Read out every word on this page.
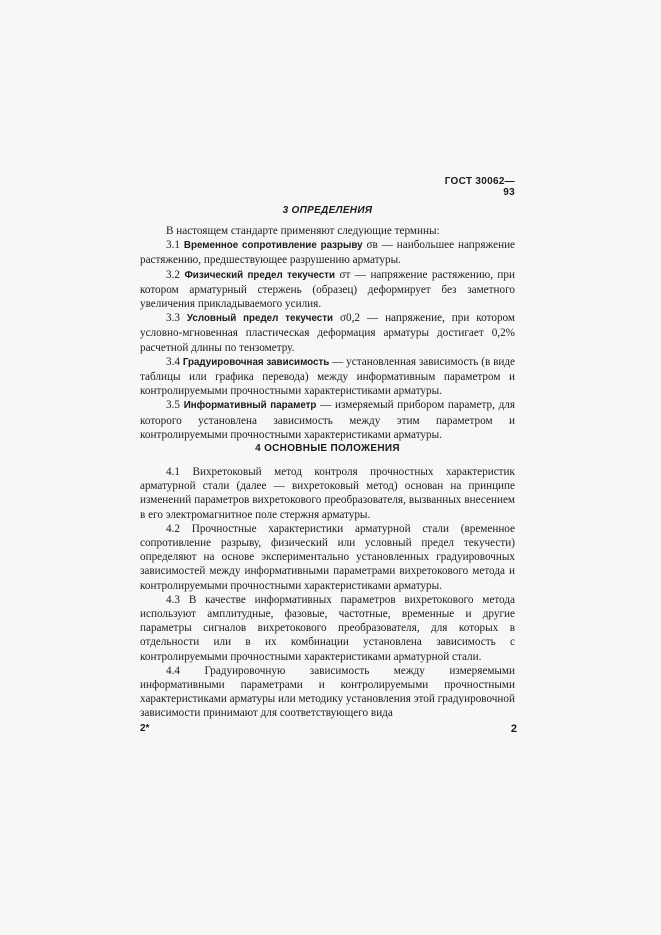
ГОСТ 30062—93
3 ОПРЕДЕЛЕНИЯ

В настоящем стандарте применяют следующие термины:

3.1 Временное сопротивление разрыву σв — наибольшее напряжение растяжению, предшествующее разрушению арматуры.

3.2 Физический предел текучести σт — напряжение растяжению, при котором арматурный стержень (образец) деформирует без заметного увеличения прикладываемого усилия.

3.3 Условный предел текучести σ0,2 — напряжение, при котором условно-мгновенная пластическая деформация арматуры достигает 0,2% расчетной длины по тензометру.

3.4 Градуировочная зависимость — установленная зависимость (в виде таблицы или графика перевода) между информативным параметром и контролируемыми прочностными характеристиками арматуры.

3.5 Информативный параметр — измеряемый прибором параметр, для которого установлена зависимость между этим параметром и контролируемыми прочностными характеристиками арматуры.

4 ОСНОВНЫЕ ПОЛОЖЕНИЯ

4.1 Вихретоковый метод контроля прочностных характеристик арматурной стали (далее — вихретоковый метод) основан на принципе изменений параметров вихретокового преобразователя, вызванных внесением в его электромагнитное поле стержня арматуры.

4.2 Прочностные характеристики арматурной стали (временное сопротивление разрыву, физический или условный предел текучести) определяют на основе экспериментально установленных градуировочных зависимостей между информативными параметрами вихретокового метода и контролируемыми прочностными характеристиками арматуры.

4.3 В качестве информативных параметров вихретокового метода используют амплитудные, фазовые, частотные, временные и другие параметры сигналов вихретокового преобразователя, для которых в отдельности или в их комбинации установлена зависимость с контролируемыми прочностными характеристиками арматурной стали.

4.4 Градуировочную зависимость между измеряемыми информативными параметрами и контролируемыми прочностными характеристиками арматуры или методику установления этой градуировочной зависимости принимают для соответствующего вида

2*	2
